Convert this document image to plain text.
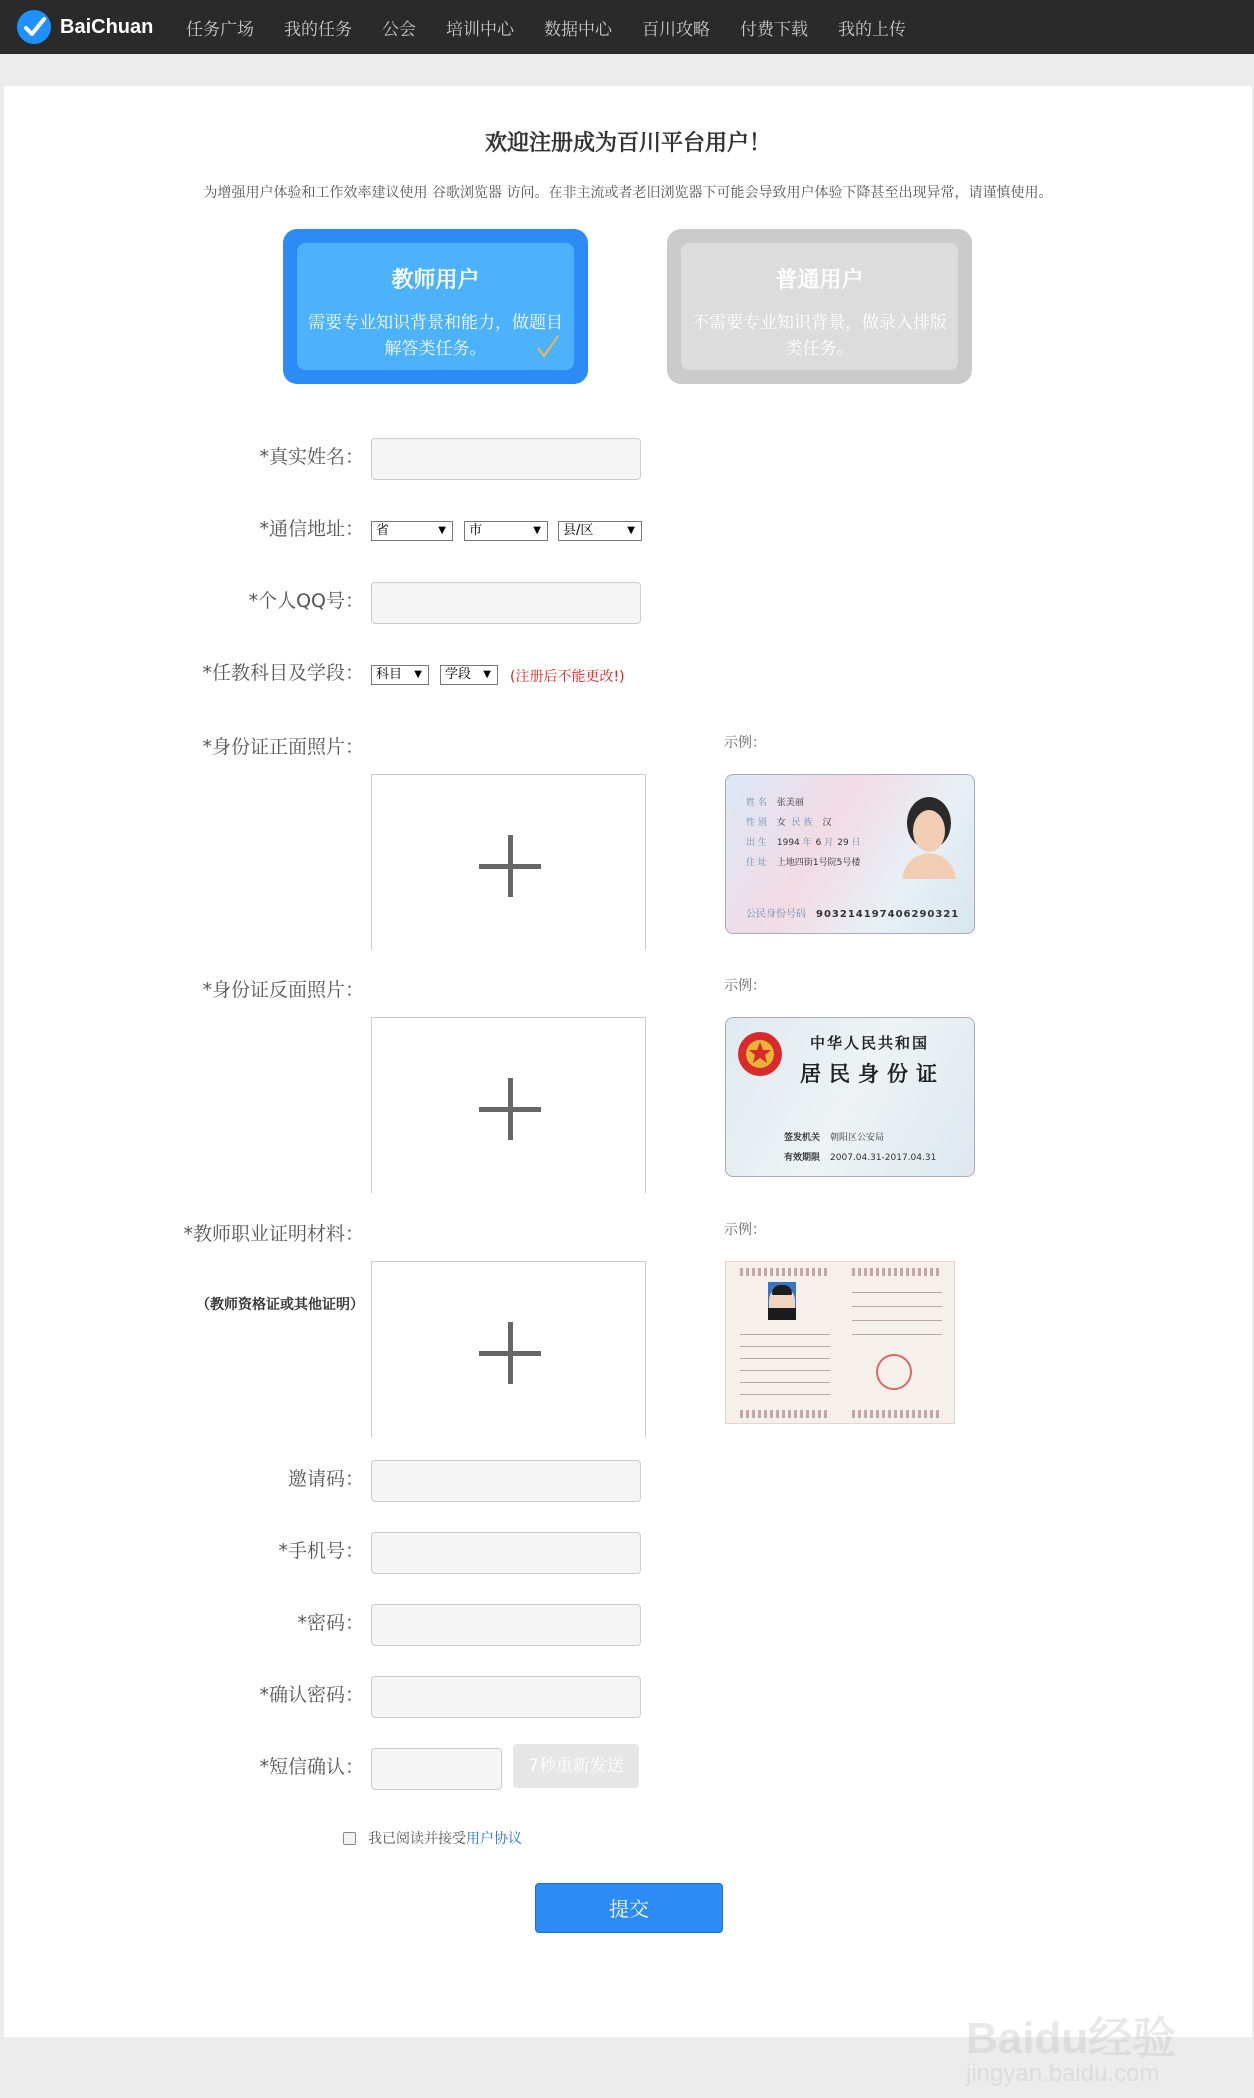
BaiChuan 任务广场 我的任务 公会 培训中心 数据中心 百川攻略 付费下载 我的上传
欢迎注册成为百川平台用户！
为增强用户体验和工作效率建议使用 谷歌浏览器 访问。在非主流或者老旧浏览器下可能会导致用户体验下降甚至出现异常，请谨慎使用。
教师用户
需要专业知识背景和能力，做题目解答类任务。
普通用户
不需要专业知识背景，做录入排版类任务。
*真实姓名：
*通信地址： 省	▼	市	▼	县/区	▼
*个人QQ号：
*任教科目及学段： 科目 ▼	学段 ▼ (注册后不能更改!)
*身份证正面照片：	示例：
姓 名 张美丽
性 别 女 民 族 汉
出 生 1994 年 6 月 29 日
住 址 上地四街1号院5号楼
公民身份号码 903214197406290321
*身份证反面照片：	示例：
中华人民共和国
居民身份证
签发机关 朝阳区公安局
有效期限 2007.04.31-2017.04.31
*教师职业证明材料：
（教师资格证或其他证明）
示例：
邀请码：
*手机号：
*密码：
*确认密码：
*短信确认：	7秒重新发送
我已阅读并接受 用户协议
提交
Baidu经验
jingyan.baidu.com
